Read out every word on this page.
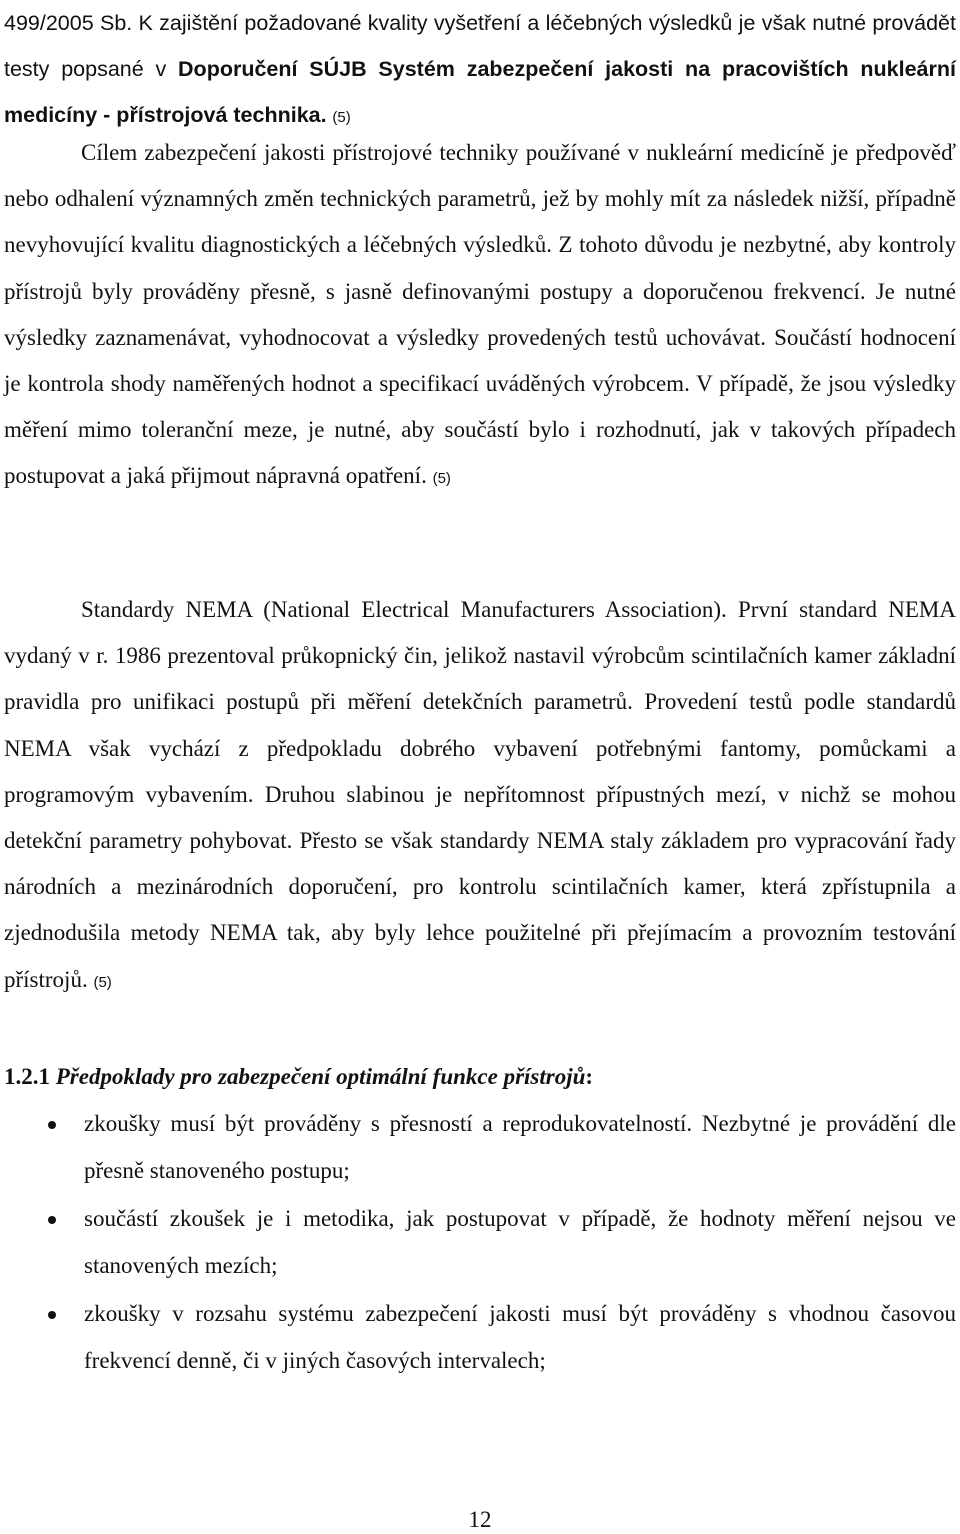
499/2005 Sb. K zajištění požadované kvality vyšetření a léčebných výsledků je však nutné provádět testy popsané v Doporučení SÚJB Systém zabezpečení jakosti na pracovištích nukleární medicíny - přístrojová technika. (5)

Cílem zabezpečení jakosti přístrojové techniky používané v nukleární medicíně je předpověď nebo odhalení významných změn technických parametrů, jež by mohly mít za následek nižší, případně nevyhovující kvalitu diagnostických a léčebných výsledků. Z tohoto důvodu je nezbytné, aby kontroly přístrojů byly prováděny přesně, s jasně definovanými postupy a doporučenou frekvencí. Je nutné výsledky zaznamenávat, vyhodnocovat a výsledky provedených testů uchovávat. Součástí hodnocení je kontrola shody naměřených hodnot a specifikací uváděných výrobcem. V případě, že jsou výsledky měření mimo toleranční meze, je nutné, aby součástí bylo i rozhodnutí, jak v takových případech postupovat a jaká přijmout nápravná opatření. (5)

Standardy NEMA (National Electrical Manufacturers Association). První standard NEMA vydaný v r. 1986 prezentoval průkopnický čin, jelikož nastavil výrobcům scintilačních kamer základní pravidla pro unifikaci postupů při měření detekčních parametrů. Provedení testů podle standardů NEMA však vychází z předpokladu dobrého vybavení potřebnými fantomy, pomůckami a programovým vybavením. Druhou slabinou je nepřítomnost přípustných mezí, v nichž se mohou detekční parametry pohybovat. Přesto se však standardy NEMA staly základem pro vypracování řady národních a mezinárodních doporučení, pro kontrolu scintilačních kamer, která zpřístupnila a zjednodušila metody NEMA tak, aby byly lehce použitelné při přejímacím a provozním testování přístrojů. (5)

1.2.1 Předpoklady pro zabezpečení optimální funkce přístrojů:
zkoušky musí být prováděny s přesností a reprodukovatelností. Nezbytné je provádění dle přesně stanoveného postupu;
součástí zkoušek je i metodika, jak postupovat v případě, že hodnoty měření nejsou ve stanovených mezích;
zkoušky v rozsahu systému zabezpečení jakosti musí být prováděny s vhodnou časovou frekvencí denně, či v jiných časových intervalech;
12
